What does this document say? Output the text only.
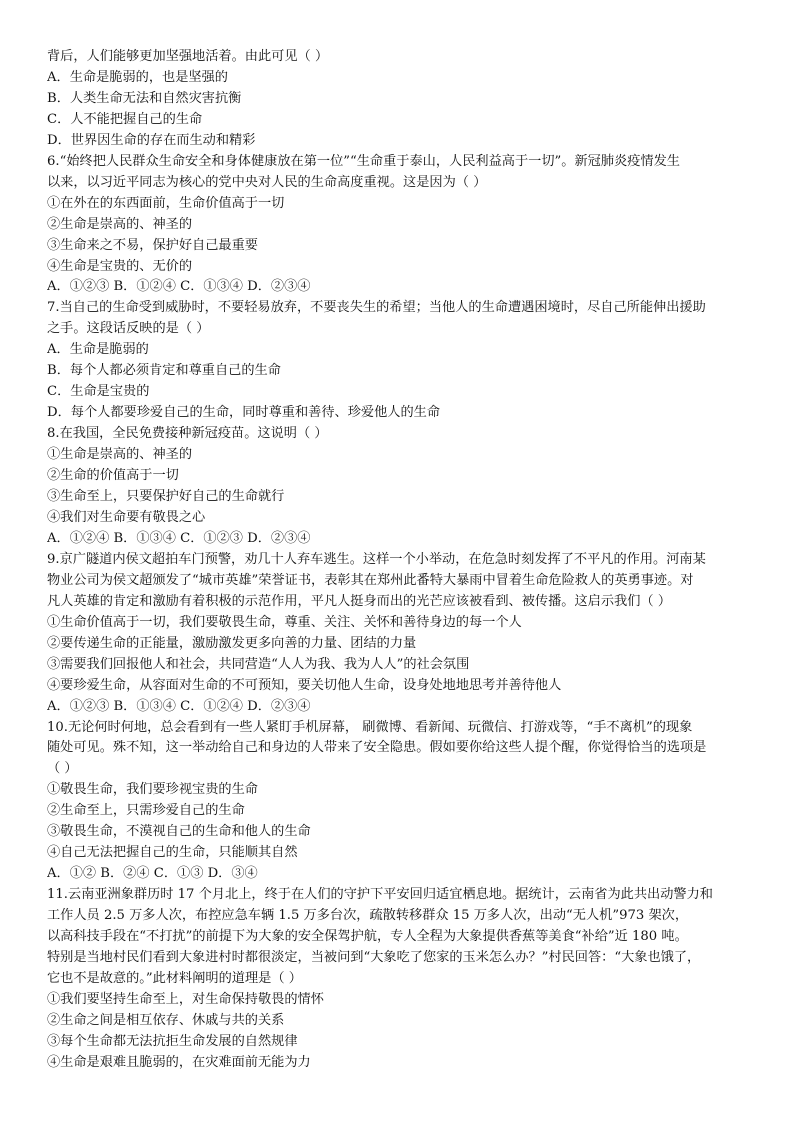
背后，人们能够更加坚强地活着。由此可见（ ）
A．生命是脆弱的，也是坚强的
B．人类生命无法和自然灾害抗衡
C．人不能把握自己的生命
D．世界因生命的存在而生动和精彩
6.“始终把人民群众生命安全和身体健康放在第一位”“生命重于泰山，人民利益高于一切”。新冠肺炎疫情发生
以来，以习近平同志为核心的党中央对人民的生命高度重视。这是因为（ ）
①在外在的东西面前，生命价值高于一切
②生命是崇高的、神圣的
③生命来之不易，保护好自己最重要
④生命是宝贵的、无价的
A．①②③ B．①②④ C．①③④ D．②③④
7.当自己的生命受到威胁时，不要轻易放弃，不要丧失生的希望；当他人的生命遭遇困境时，尽自己所能伸出援助
之手。这段话反映的是（ ）
A．生命是脆弱的
B．每个人都必须肯定和尊重自己的生命
C．生命是宝贵的
D．每个人都要珍爱自己的生命，同时尊重和善待、珍爱他人的生命
8.在我国，全民免费接种新冠疫苗。这说明（ ）
①生命是崇高的、神圣的
②生命的价值高于一切
③生命至上，只要保护好自己的生命就行
④我们对生命要有敬畏之心
A．①②④ B．①③④ C．①②③ D．②③④
9.京广隧道内侯文超拍车门预警，劝几十人弃车逃生。这样一个小举动，在危急时刻发挥了不平凡的作用。河南某
物业公司为侯文超颁发了“城市英雄”荣誉证书，表彰其在郑州此番特大暴雨中冒着生命危险救人的英勇事迹。对
凡人英雄的肯定和激励有着积极的示范作用，平凡人挺身而出的光芒应该被看到、被传播。这启示我们（ ）
①生命价值高于一切，我们要敬畏生命，尊重、关注、关怀和善待身边的每一个人
②要传递生命的正能量，激励激发更多向善的力量、团结的力量
③需要我们回报他人和社会，共同营造“人人为我、我为人人”的社会氛围
④要珍爱生命，从容面对生命的不可预知，要关切他人生命，设身处地地思考并善待他人
A．①②③ B．①③④ C．①②④ D．②③④
10.无论何时何地，总会看到有一些人紧盯手机屏幕， 刷微博、看新闻、玩微信、打游戏等，“手不离机”的现象
随处可见。殊不知，这一举动给自己和身边的人带来了安全隐患。假如要你给这些人提个醒，你觉得恰当的选项是
（ ）
①敬畏生命，我们要珍视宝贵的生命
②生命至上，只需珍爱自己的生命
③敬畏生命，不漠视自己的生命和他人的生命
④自己无法把握自己的生命，只能顺其自然
A．①② B．②④ C．①③ D．③④
11.云南亚洲象群历时 17 个月北上，终于在人们的守护下平安回归适宜栖息地。据统计，云南省为此共出动警力和
工作人员 2.5 万多人次，布控应急车辆 1.5 万多台次，疏散转移群众 15 万多人次，出动“无人机”973 架次，
以高科技手段在“不打扰”的前提下为大象的安全保驾护航，专人全程为大象提供香蕉等美食“补给”近 180 吨。
特别是当地村民们看到大象进村时都很淡定，当被问到“大象吃了您家的玉米怎么办？”村民回答：“大象也饿了，
它也不是故意的。”此材料阐明的道理是（ ）
①我们要坚持生命至上，对生命保持敬畏的情怀
②生命之间是相互依存、休戚与共的关系
③每个生命都无法抗拒生命发展的自然规律
④生命是艰难且脆弱的，在灾难面前无能为力
